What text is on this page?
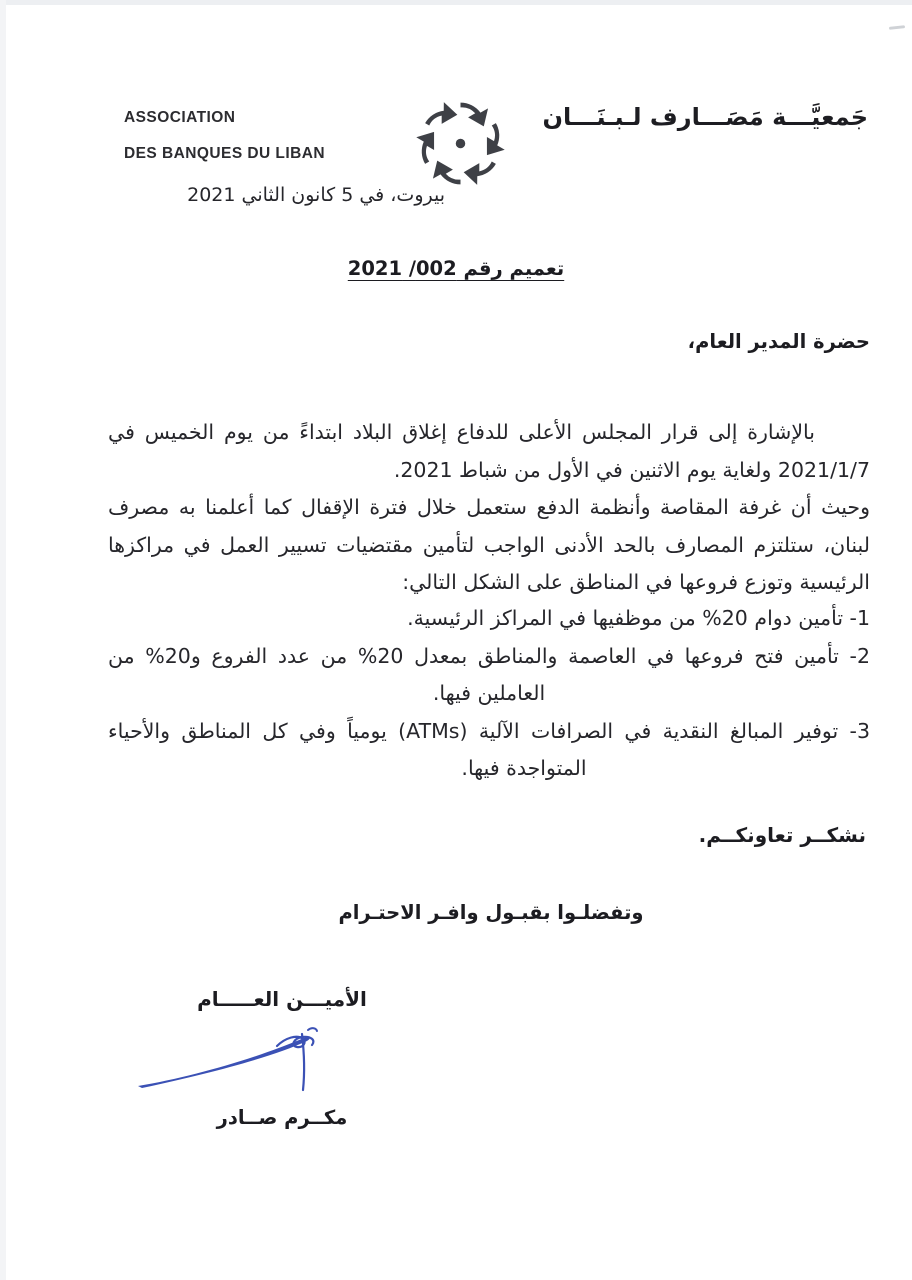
ASSOCIATION
DES BANQUES DU LIBAN
جَمعيَّـــة مَصَـــارف لـبـنَـــان
بيروت، في 5 كانون الثاني 2021
تعميم رقم 002/ 2021
حضرة المدير العام،
بالإشارة إلى قرار المجلس الأعلى للدفاع إغلاق البلاد ابتداءً من يوم الخميس في
2021/1/7 ولغاية يوم الاثنين في الأول من شباط 2021.
وحيث أن غرفة المقاصة وأنظمة الدفع ستعمل خلال فترة الإقفال كما أعلمنا به مصرف
لبنان، ستلتزم المصارف بالحد الأدنى الواجب لتأمين مقتضيات تسيير العمل في مراكزها
الرئيسية وتوزع فروعها في المناطق على الشكل التالي:
1- تأمين دوام 20% من موظفيها في المراكز الرئيسية.
2- تأمين فتح فروعها في العاصمة والمناطق بمعدل 20% من عدد الفروع و20% من
العاملين فيها.
3- توفير المبالغ النقدية في الصرافات الآلية (ATMs) يومياً وفي كل المناطق والأحياء
المتواجدة فيها.
نشكــر تعاونكــم.
وتفضلـوا بقبـول وافـر الاحتـرام
الأميـــن العـــــام
مكــرم صــادر
